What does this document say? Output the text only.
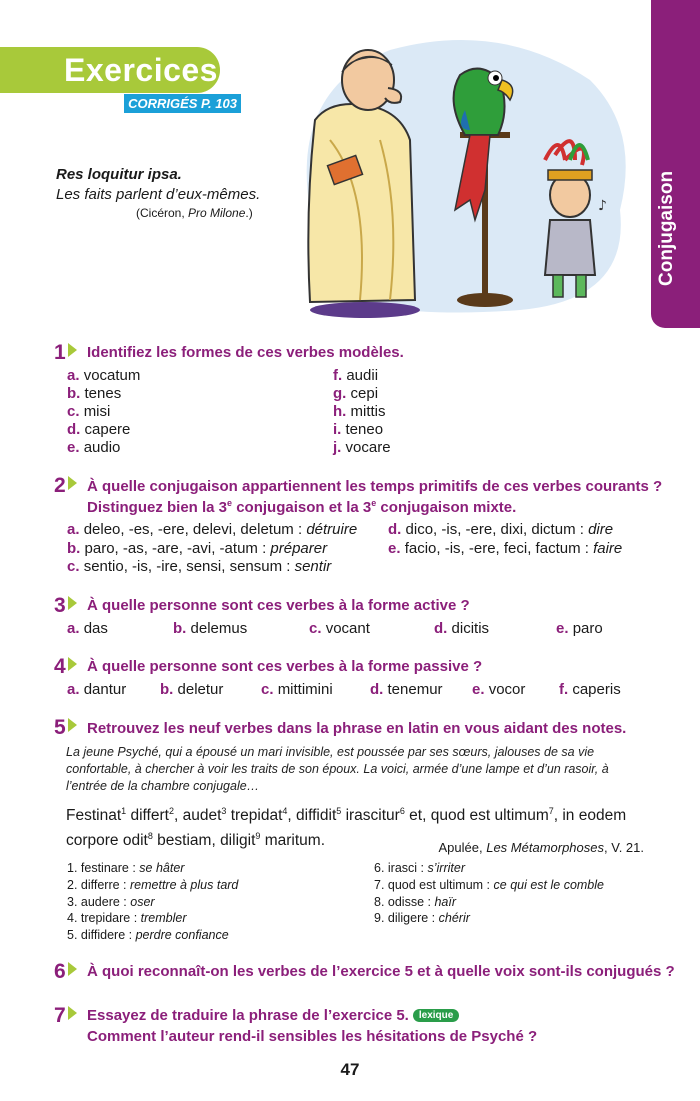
Exercices
CORRIGÉS P. 103
Res loquitur ipsa.
Les faits parlent d’eux-mêmes.
(Cicéron, Pro Milone.)	♪	Conjugaison
1	Identifiez les formes de ces verbes modèles.
a. vocatum
b. tenes
c. misi
d. capere
e. audio
f. audii
g. cepi
h. mittis
i. teneo
j. vocare
2	À quelle conjugaison appartiennent les temps primitifs de ces verbes courants ?
Distinguez bien la 3e conjugaison et la 3e conjugaison mixte.
a. deleo, -es, -ere, delevi, deletum : détruire
b. paro, -as, -are, -avi, -atum : préparer
c. sentio, -is, -ire, sensi, sensum : sentir
d. dico, -is, -ere, dixi, dictum : dire
e. facio, -is, -ere, feci, factum : faire
3	À quelle personne sont ces verbes à la forme active ?
a. das	b. delemus	c. vocant	d. dicitis	e. paro
4	À quelle personne sont ces verbes à la forme passive ?
a. dantur b. deletur	c. mittimini d. tenemur e. vocor f. caperis
5	Retrouvez les neuf verbes dans la phrase en latin en vous aidant des notes.
La jeune Psyché, qui a épousé un mari invisible, est poussée par ses sœurs, jalouses de sa vie confortable, à chercher à voir les traits de son époux. La voici, armée d’une lampe et d’un rasoir, à l’entrée de la chambre conjugale…
Festinat$^1$ differt$^2$, audet$^3$ trepidat$^4$, diffidit$^5$ irascitur$^6$ et, quod est ultimum$^7$, in eodem corpore odit$^8$ bestiam, diligit$^9$ maritum.	Apulée, Les Métamorphoses, V. 21.
1. festinare : se hâter
2. differre : remettre à plus tard
3. audere : oser
4. trepidare : trembler
5. diffidere : perdre confiance
6. irasci : s’irriter
7. quod est ultimum : ce qui est le comble
8. odisse : haïr
9. diligere : chérir
6	À quoi reconnaît-on les verbes de l’exercice 5 et à quelle voix sont-ils conjugués ?
7	Essayez de traduire la phrase de l’exercice 5. lexique
Comment l’auteur rend-il sensibles les hésitations de Psyché ?
47
